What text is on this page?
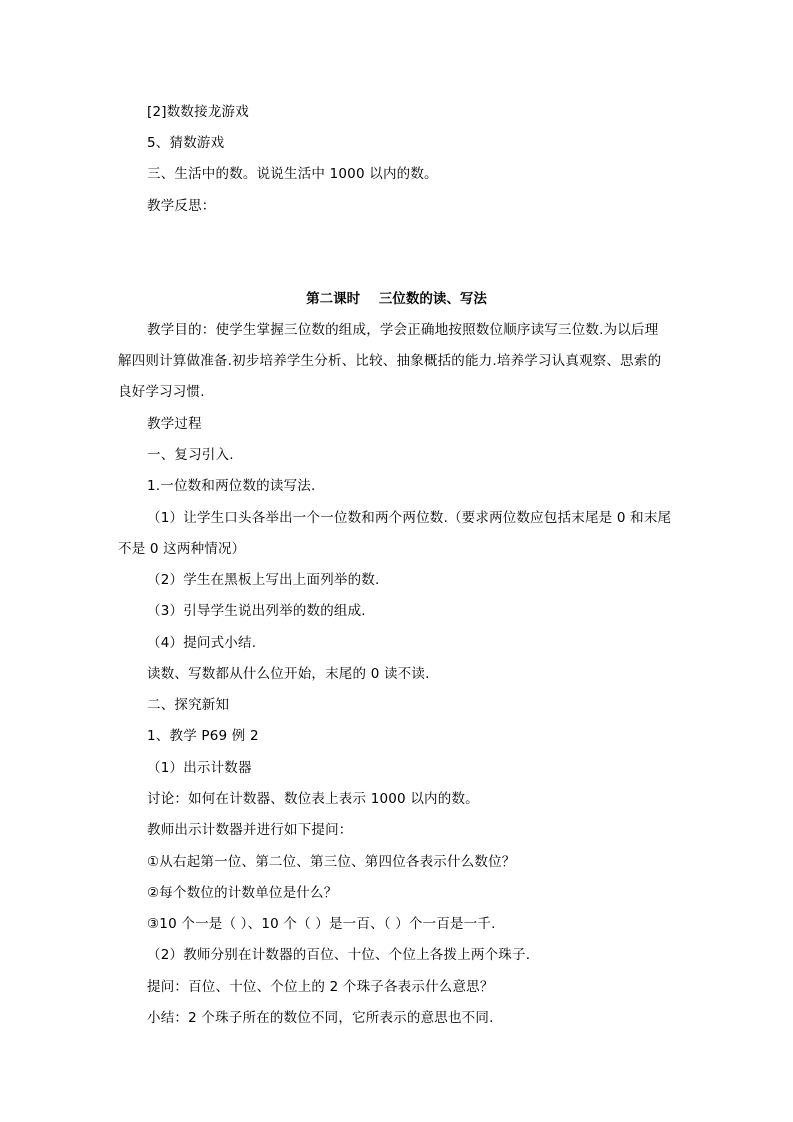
[2]数数接龙游戏
5、猜数游戏
三、生活中的数。说说生活中 1000 以内的数。
教学反思：
第二课时    三位数的读、写法
教学目的：使学生掌握三位数的组成，学会正确地按照数位顺序读写三位数.为以后理
解四则计算做准备.初步培养学生分析、比较、抽象概括的能力.培养学习认真观察、思索的
良好学习习惯.
教学过程
一、复习引入.
1.一位数和两位数的读写法.
（1）让学生口头各举出一个一位数和两个两位数.（要求两位数应包括末尾是 0 和末尾
不是 0 这两种情况）
（2）学生在黑板上写出上面列举的数.
（3）引导学生说出列举的数的组成.
（4）提问式小结.
读数、写数都从什么位开始，末尾的 0 读不读.
二、探究新知
1、教学 P69 例 2
（1）出示计数器
讨论：如何在计数器、数位表上表示 1000 以内的数。
教师出示计数器并进行如下提问：
①从右起第一位、第二位、第三位、第四位各表示什么数位？
②每个数位的计数单位是什么？
③10 个一是（ ）、10 个（ ）是一百、（ ）个一百是一千.
（2）教师分别在计数器的百位、十位、个位上各拨上两个珠子.
提问：百位、十位、个位上的 2 个珠子各表示什么意思？
小结：2 个珠子所在的数位不同，它所表示的意思也不同.
